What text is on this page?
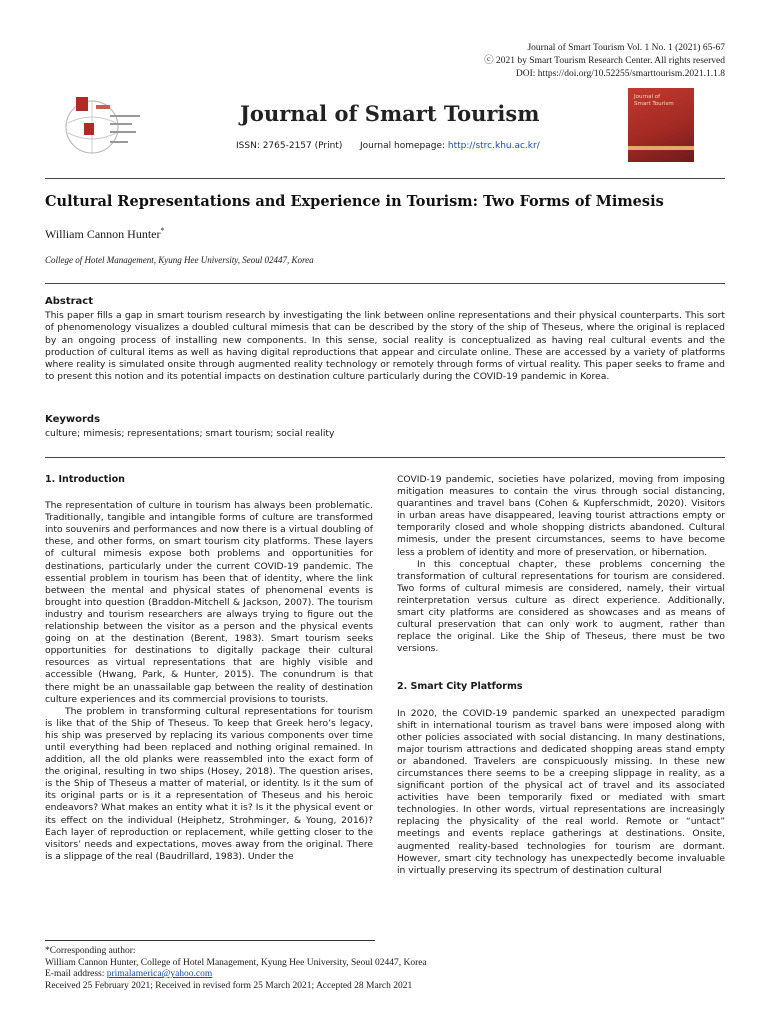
Journal of Smart Tourism Vol. 1 No. 1 (2021) 65-67
ⓒ 2021 by Smart Tourism Research Center. All rights reserved
DOI: https://doi.org/10.52255/smarttourism.2021.1.1.8
Journal of Smart Tourism
ISSN: 2765-2157 (Print) Journal homepage: http://strc.khu.ac.kr/
Journal of
Smart Tourism
Cultural Representations and Experience in Tourism: Two Forms of Mimesis
William Cannon Hunter*
College of Hotel Management, Kyung Hee University, Seoul 02447, Korea
Abstract
This paper fills a gap in smart tourism research by investigating the link between online representations and their physical counterparts. This sort of phenomenology visualizes a doubled cultural mimesis that can be described by the story of the ship of Theseus, where the original is replaced by an ongoing process of installing new components. In this sense, social reality is conceptualized as having real cultural events and the production of cultural items as well as having digital reproductions that appear and circulate online. These are accessed by a variety of platforms where reality is simulated onsite through augmented reality technology or remotely through forms of virtual reality. This paper seeks to frame and to present this notion and its potential impacts on destination culture particularly during the COVID-19 pandemic in Korea.
Keywords
culture; mimesis; representations; smart tourism; social reality

1. Introduction

The representation of culture in tourism has always been problematic. Traditionally, tangible and intangible forms of culture are transformed into souvenirs and performances and now there is a virtual doubling of these, and other forms, on smart tourism city platforms. These layers of cultural mimesis expose both problems and opportunities for destinations, particularly under the current COVID-19 pandemic. The essential problem in tourism has been that of identity, where the link between the mental and physical states of phenomenal events is brought into question (Braddon-Mitchell & Jackson, 2007). The tourism industry and tourism researchers are always trying to figure out the relationship between the visitor as a person and the physical events going on at the destination (Berent, 1983). Smart tourism seeks opportunities for destinations to digitally package their cultural resources as virtual representations that are highly visible and accessible (Hwang, Park, & Hunter, 2015). The conundrum is that there might be an unassailable gap between the reality of destination culture experiences and its commercial provisions to tourists.

The problem in transforming cultural representations for tourism is like that of the Ship of Theseus. To keep that Greek hero’s legacy, his ship was preserved by replacing its various components over time until everything had been replaced and nothing original remained. In addition, all the old planks were reassembled into the exact form of the original, resulting in two ships (Hosey, 2018). The question arises, is the Ship of Theseus a matter of material, or identity. Is it the sum of its original parts or is it a representation of Theseus and his heroic endeavors? What makes an entity what it is? Is it the physical event or its effect on the individual (Heiphetz, Strohminger, & Young, 2016)? Each layer of reproduction or replacement, while getting closer to the visitors’ needs and expectations, moves away from the original. There is a slippage of the real (Baudrillard, 1983). Under the

COVID-19 pandemic, societies have polarized, moving from imposing mitigation measures to contain the virus through social distancing, quarantines and travel bans (Cohen & Kupferschmidt, 2020). Visitors in urban areas have disappeared, leaving tourist attractions empty or temporarily closed and whole shopping districts abandoned. Cultural mimesis, under the present circumstances, seems to have become less a problem of identity and more of preservation, or hibernation.

In this conceptual chapter, these problems concerning the transformation of cultural representations for tourism are considered. Two forms of cultural mimesis are considered, namely, their virtual reinterpretation versus culture as direct experience. Additionally, smart city platforms are considered as showcases and as means of cultural preservation that can only work to augment, rather than replace the original. Like the Ship of Theseus, there must be two versions.

2. Smart City Platforms

In 2020, the COVID-19 pandemic sparked an unexpected paradigm shift in international tourism as travel bans were imposed along with other policies associated with social distancing. In many destinations, major tourism attractions and dedicated shopping areas stand empty or abandoned. Travelers are conspicuously missing. In these new circumstances there seems to be a creeping slippage in reality, as a significant portion of the physical act of travel and its associated activities have been temporarily fixed or mediated with smart technologies. In other words, virtual representations are increasingly replacing the physicality of the real world. Remote or “untact” meetings and events replace gatherings at destinations. Onsite, augmented reality-based technologies for tourism are dormant. However, smart city technology has unexpectedly become invaluable in virtually preserving its spectrum of destination cultural

*Corresponding author:
William Cannon Hunter, College of Hotel Management, Kyung Hee University, Seoul 02447, Korea
E-mail address: primalamerica@yahoo.com
Received 25 February 2021; Received in revised form 25 March 2021; Accepted 28 March 2021
